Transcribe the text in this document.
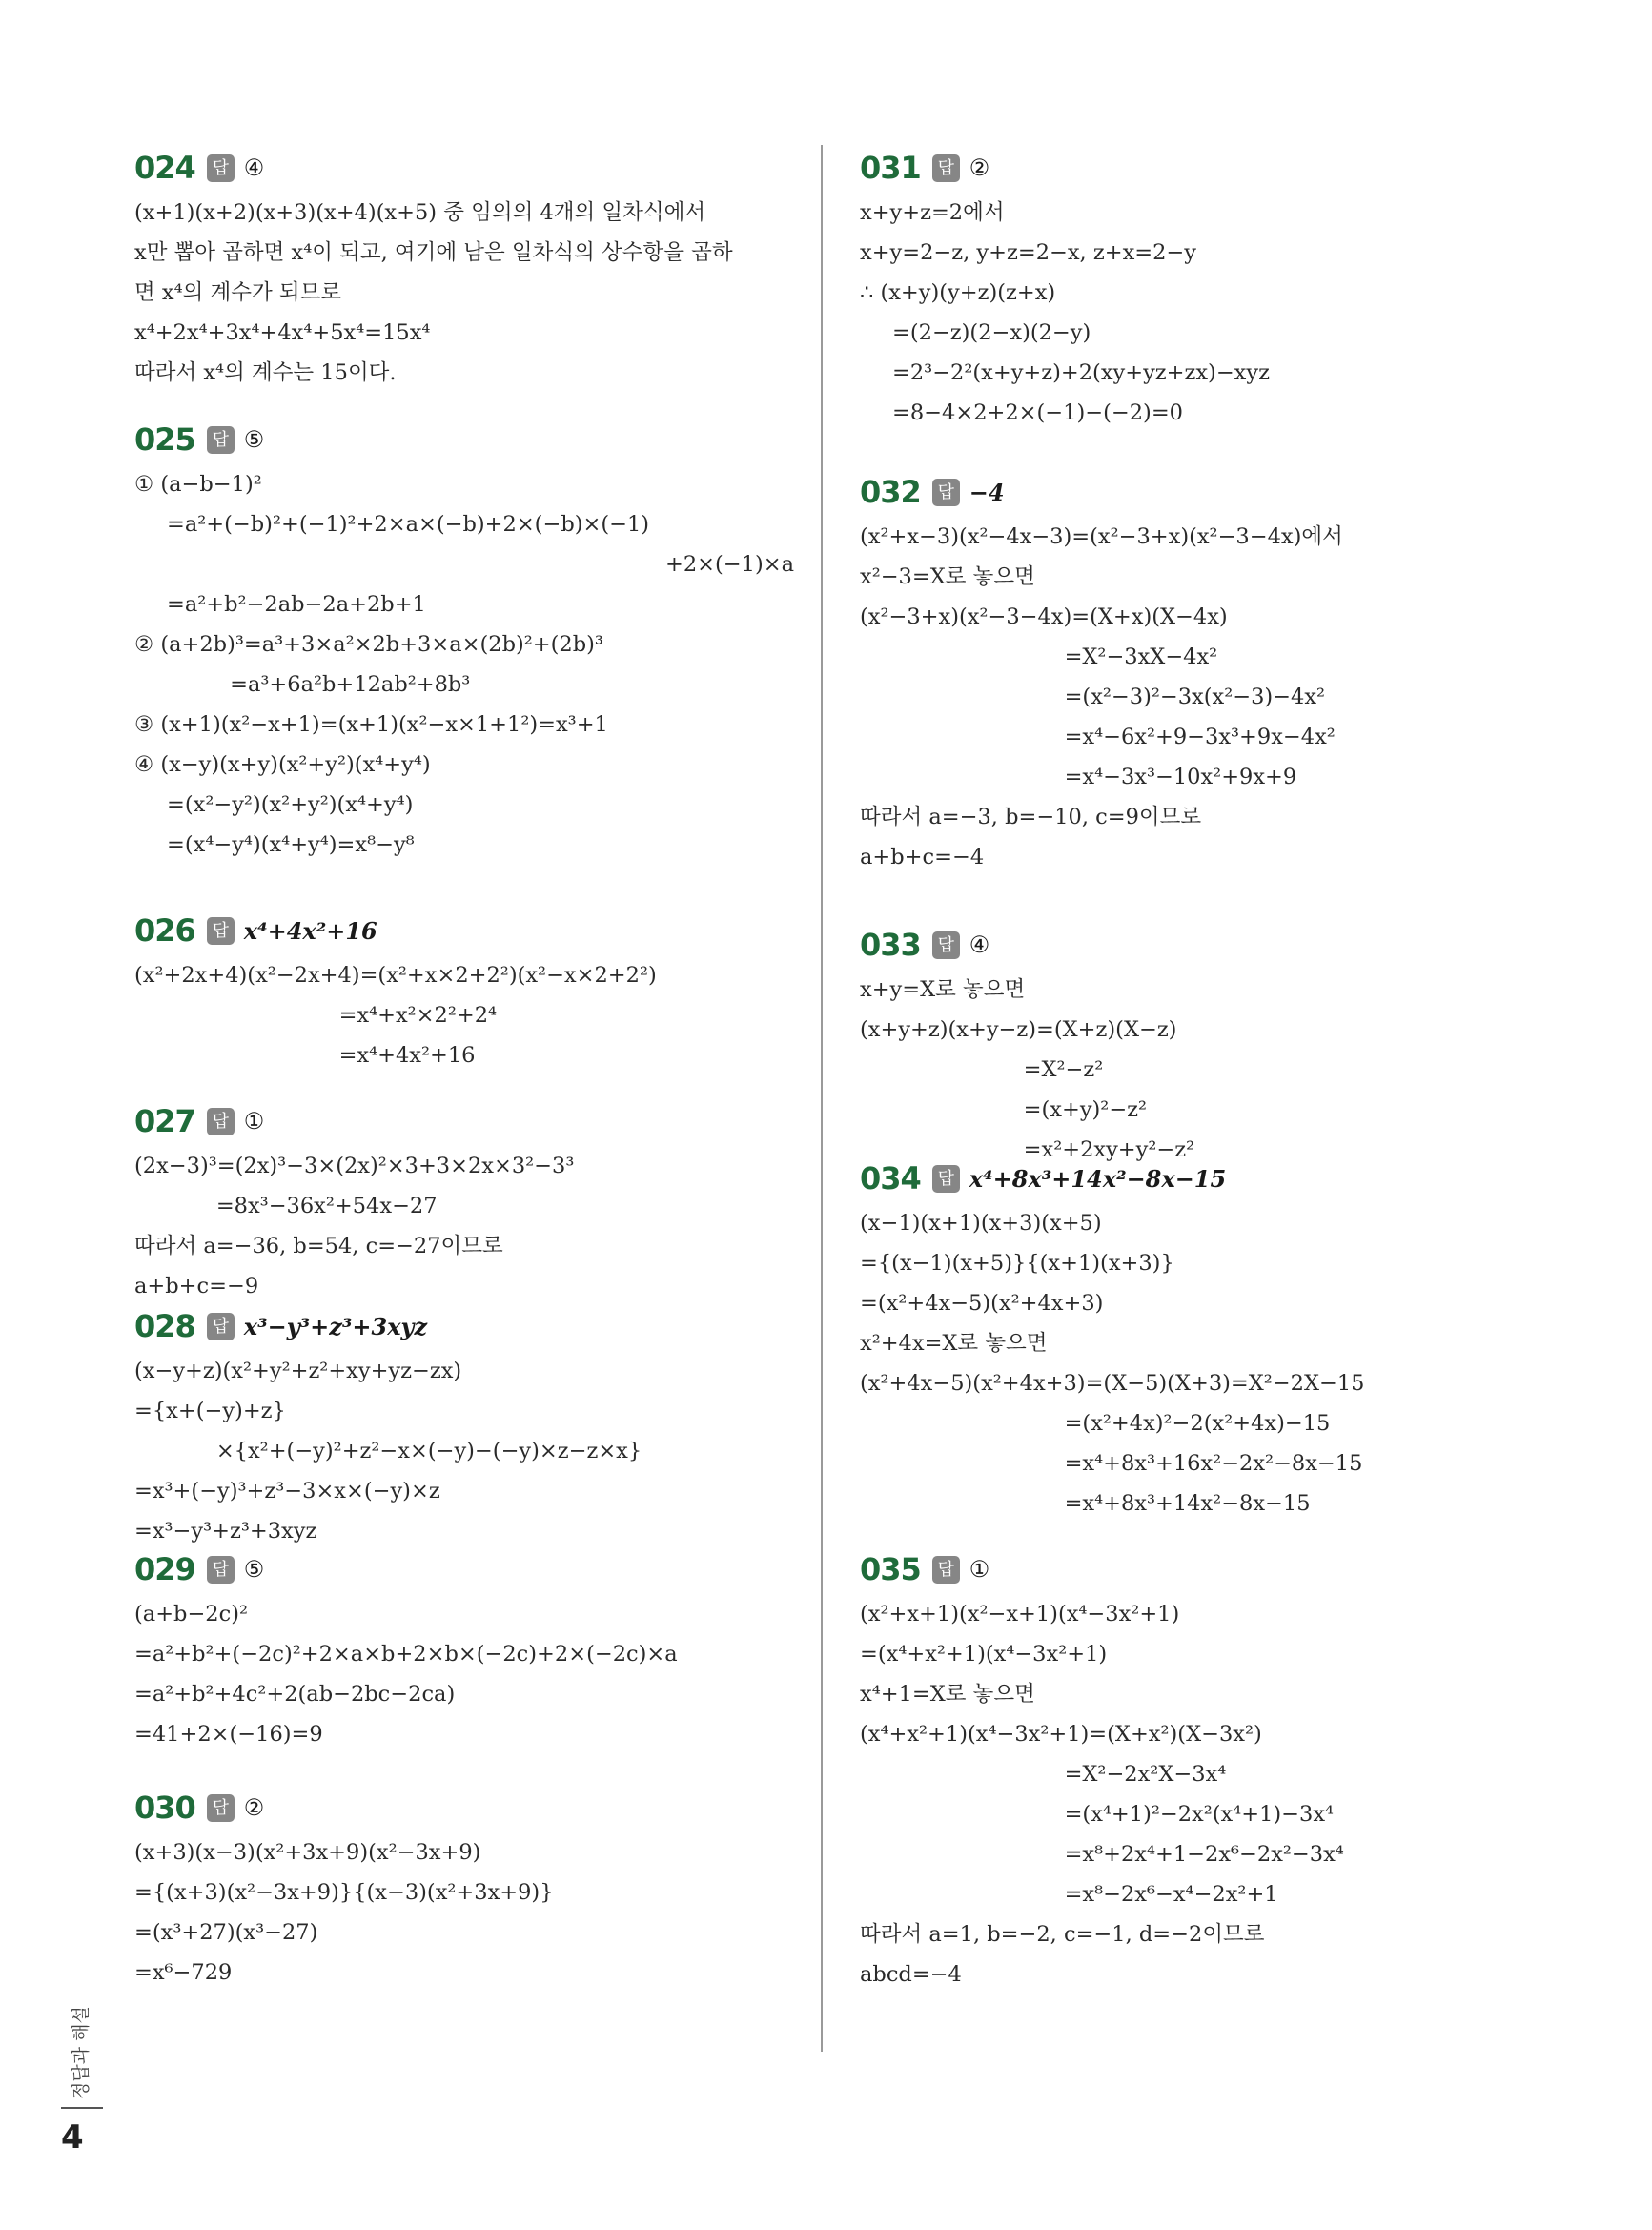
024 답 ④
(x+1)(x+2)(x+3)(x+4)(x+5) 중 임의의 4개의 일차식에서
x만 뽑아 곱하면 x⁴이 되고, 여기에 남은 일차식의 상수항을 곱하
면 x⁴의 계수가 되므로
x⁴+2x⁴+3x⁴+4x⁴+5x⁴=15x⁴
따라서 x⁴의 계수는 15이다.
025 답 ⑤
① (a−b−1)²
=a²+(−b)²+(−1)²+2×a×(−b)+2×(−b)×(−1)
+2×(−1)×a
=a²+b²−2ab−2a+2b+1
② (a+2b)³=a³+3×a²×2b+3×a×(2b)²+(2b)³
=a³+6a²b+12ab²+8b³
③ (x+1)(x²−x+1)=(x+1)(x²−x×1+1²)=x³+1
④ (x−y)(x+y)(x²+y²)(x⁴+y⁴)
=(x²−y²)(x²+y²)(x⁴+y⁴)
=(x⁴−y⁴)(x⁴+y⁴)=x⁸−y⁸
026 답 x⁴+4x²+16
(x²+2x+4)(x²−2x+4)=(x²+x×2+2²)(x²−x×2+2²)
=x⁴+x²×2²+2⁴
=x⁴+4x²+16
027 답 ①
(2x−3)³=(2x)³−3×(2x)²×3+3×2x×3²−3³
=8x³−36x²+54x−27
따라서 a=−36, b=54, c=−27이므로
a+b+c=−9
028 답 x³−y³+z³+3xyz
(x−y+z)(x²+y²+z²+xy+yz−zx)
={x+(−y)+z}
×{x²+(−y)²+z²−x×(−y)−(−y)×z−z×x}
=x³+(−y)³+z³−3×x×(−y)×z
=x³−y³+z³+3xyz
029 답 ⑤
(a+b−2c)²
=a²+b²+(−2c)²+2×a×b+2×b×(−2c)+2×(−2c)×a
=a²+b²+4c²+2(ab−2bc−2ca)
=41+2×(−16)=9
030 답 ②
(x+3)(x−3)(x²+3x+9)(x²−3x+9)
={(x+3)(x²−3x+9)}{(x−3)(x²+3x+9)}
=(x³+27)(x³−27)
=x⁶−729
031 답 ②
x+y+z=2에서
x+y=2−z, y+z=2−x, z+x=2−y
∴ (x+y)(y+z)(z+x)
=(2−z)(2−x)(2−y)
=2³−2²(x+y+z)+2(xy+yz+zx)−xyz
=8−4×2+2×(−1)−(−2)=0
032 답 −4
(x²+x−3)(x²−4x−3)=(x²−3+x)(x²−3−4x)에서
x²−3=X로 놓으면
(x²−3+x)(x²−3−4x)=(X+x)(X−4x)
=X²−3xX−4x²
=(x²−3)²−3x(x²−3)−4x²
=x⁴−6x²+9−3x³+9x−4x²
=x⁴−3x³−10x²+9x+9
따라서 a=−3, b=−10, c=9이므로
a+b+c=−4
033 답 ④
x+y=X로 놓으면
(x+y+z)(x+y−z)=(X+z)(X−z)
=X²−z²
=(x+y)²−z²
=x²+2xy+y²−z²
034 답 x⁴+8x³+14x²−8x−15
(x−1)(x+1)(x+3)(x+5)
={(x−1)(x+5)}{(x+1)(x+3)}
=(x²+4x−5)(x²+4x+3)
x²+4x=X로 놓으면
(x²+4x−5)(x²+4x+3)=(X−5)(X+3)=X²−2X−15
=(x²+4x)²−2(x²+4x)−15
=x⁴+8x³+16x²−2x²−8x−15
=x⁴+8x³+14x²−8x−15
035 답 ①
(x²+x+1)(x²−x+1)(x⁴−3x²+1)
=(x⁴+x²+1)(x⁴−3x²+1)
x⁴+1=X로 놓으면
(x⁴+x²+1)(x⁴−3x²+1)=(X+x²)(X−3x²)
=X²−2x²X−3x⁴
=(x⁴+1)²−2x²(x⁴+1)−3x⁴
=x⁸+2x⁴+1−2x⁶−2x²−3x⁴
=x⁸−2x⁶−x⁴−2x²+1
따라서 a=1, b=−2, c=−1, d=−2이므로
abcd=−4
정답과 해설
4
